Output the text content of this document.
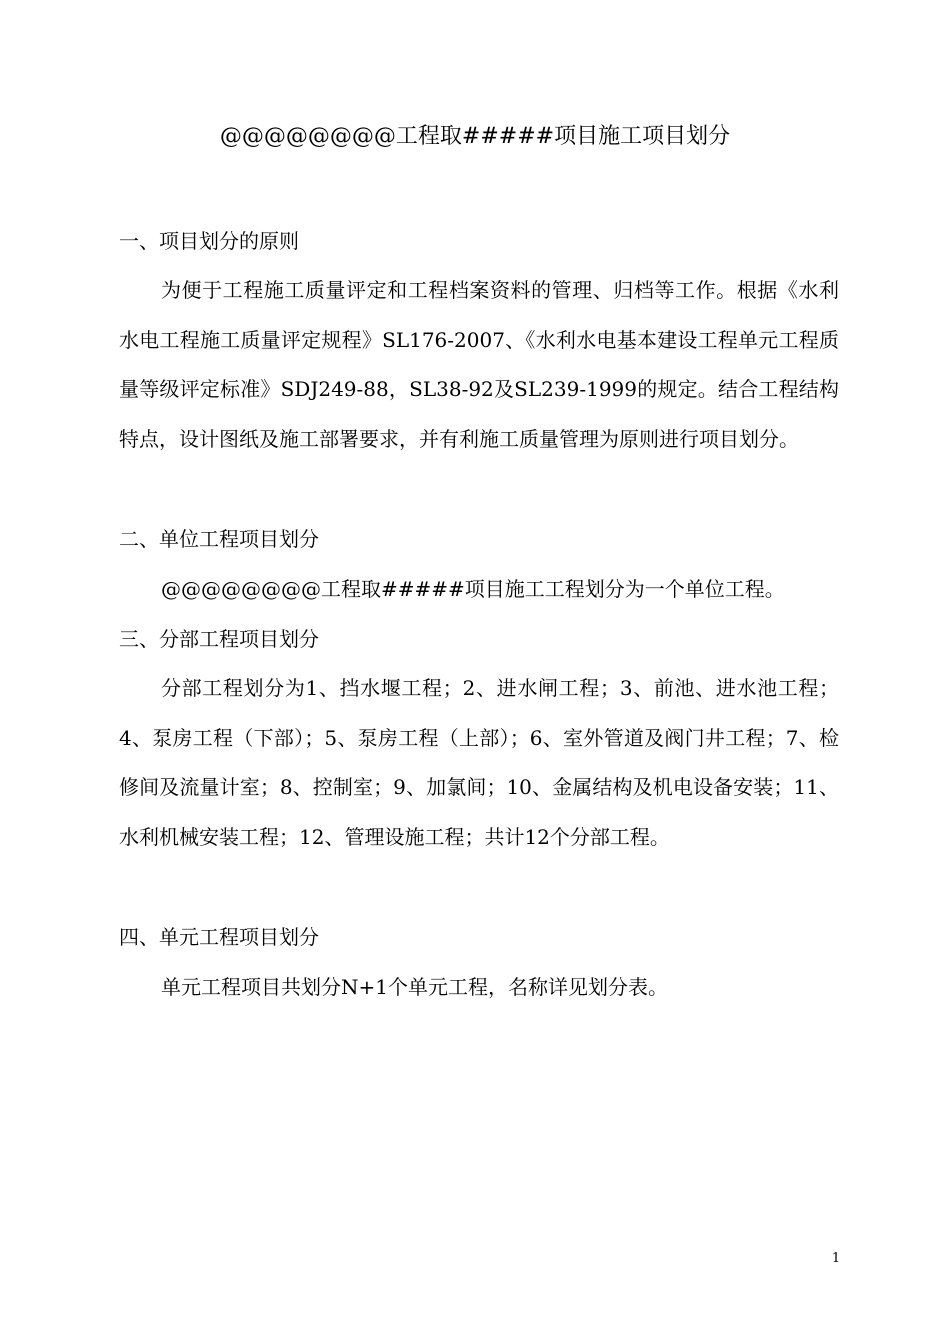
@@@@@@@@工程取#####项目施工项目划分
一、项目划分的原则
为便于工程施工质量评定和工程档案资料的管理、归档等工作。根据《水利水电工程施工质量评定规程》SL176-2007、《水利水电基本建设工程单元工程质量等级评定标准》SDJ249-88，SL38-92及SL239-1999的规定。结合工程结构特点，设计图纸及施工部署要求，并有利施工质量管理为原则进行项目划分。
二、单位工程项目划分
@@@@@@@@工程取#####项目施工工程划分为一个单位工程。
三、分部工程项目划分
分部工程划分为1、挡水堰工程；2、进水闸工程；3、前池、进水池工程；4、泵房工程（下部）；5、泵房工程（上部）；6、室外管道及阀门井工程；7、检修间及流量计室；8、控制室；9、加氯间；10、金属结构及机电设备安装；11、水利机械安装工程；12、管理设施工程；共计12个分部工程。
四、单元工程项目划分
单元工程项目共划分N+1个单元工程，名称详见划分表。
1
